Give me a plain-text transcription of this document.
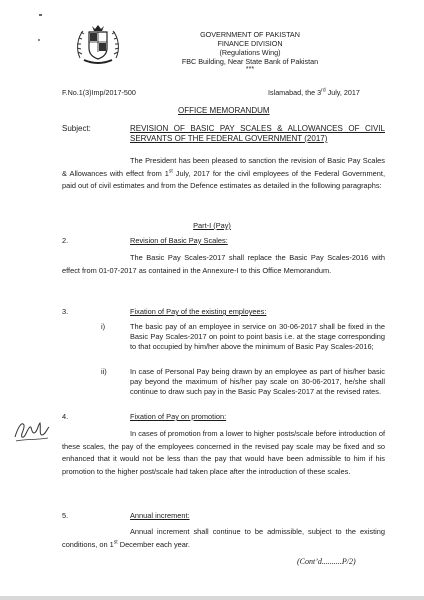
GOVERNMENT OF PAKISTAN
FINANCE DIVISION
(Regulations Wing)
FBC Building, Near State Bank of Pakistan
***
F.No.1(3)Imp/2017-500	Islamabad, the 3rd July, 2017
OFFICE MEMORANDUM
Subject:	REVISION OF BASIC PAY SCALES & ALLOWANCES OF CIVIL SERVANTS OF THE FEDERAL GOVERNMENT (2017)
The President has been pleased to sanction the revision of Basic Pay Scales & Allowances with effect from 1st July, 2017 for the civil employees of the Federal Government, paid out of civil estimates and from the Defence estimates as detailed in the following paragraphs:
Part-I (Pay)
2.	Revision of Basic Pay Scales:
The Basic Pay Scales-2017 shall replace the Basic Pay Scales-2016 with effect from 01-07-2017 as contained in the Annexure-I to this Office Memorandum.
3.	Fixation of Pay of the existing employees:
i)	The basic pay of an employee in service on 30-06-2017 shall be fixed in the Basic Pay Scales-2017 on point to point basis i.e. at the stage corresponding to that occupied by him/her above the minimum of Basic Pay Scales-2016;
ii)	In case of Personal Pay being drawn by an employee as part of his/her basic pay beyond the maximum of his/her pay scale on 30-06-2017, he/she shall continue to draw such pay in the Basic Pay Scales-2017 at the revised rates.
4.	Fixation of Pay on promotion:
In cases of promotion from a lower to higher posts/scale before introduction of these scales, the pay of the employees concerned in the revised pay scale may be fixed and so enhanced that it would not be less than the pay that would have been admissible to him if his promotion to the higher post/scale had taken place after the introduction of these scales.
5.	Annual increment:
Annual increment shall continue to be admissible, subject to the existing conditions, on 1st December each year.
(Cont’d..........P/2)
